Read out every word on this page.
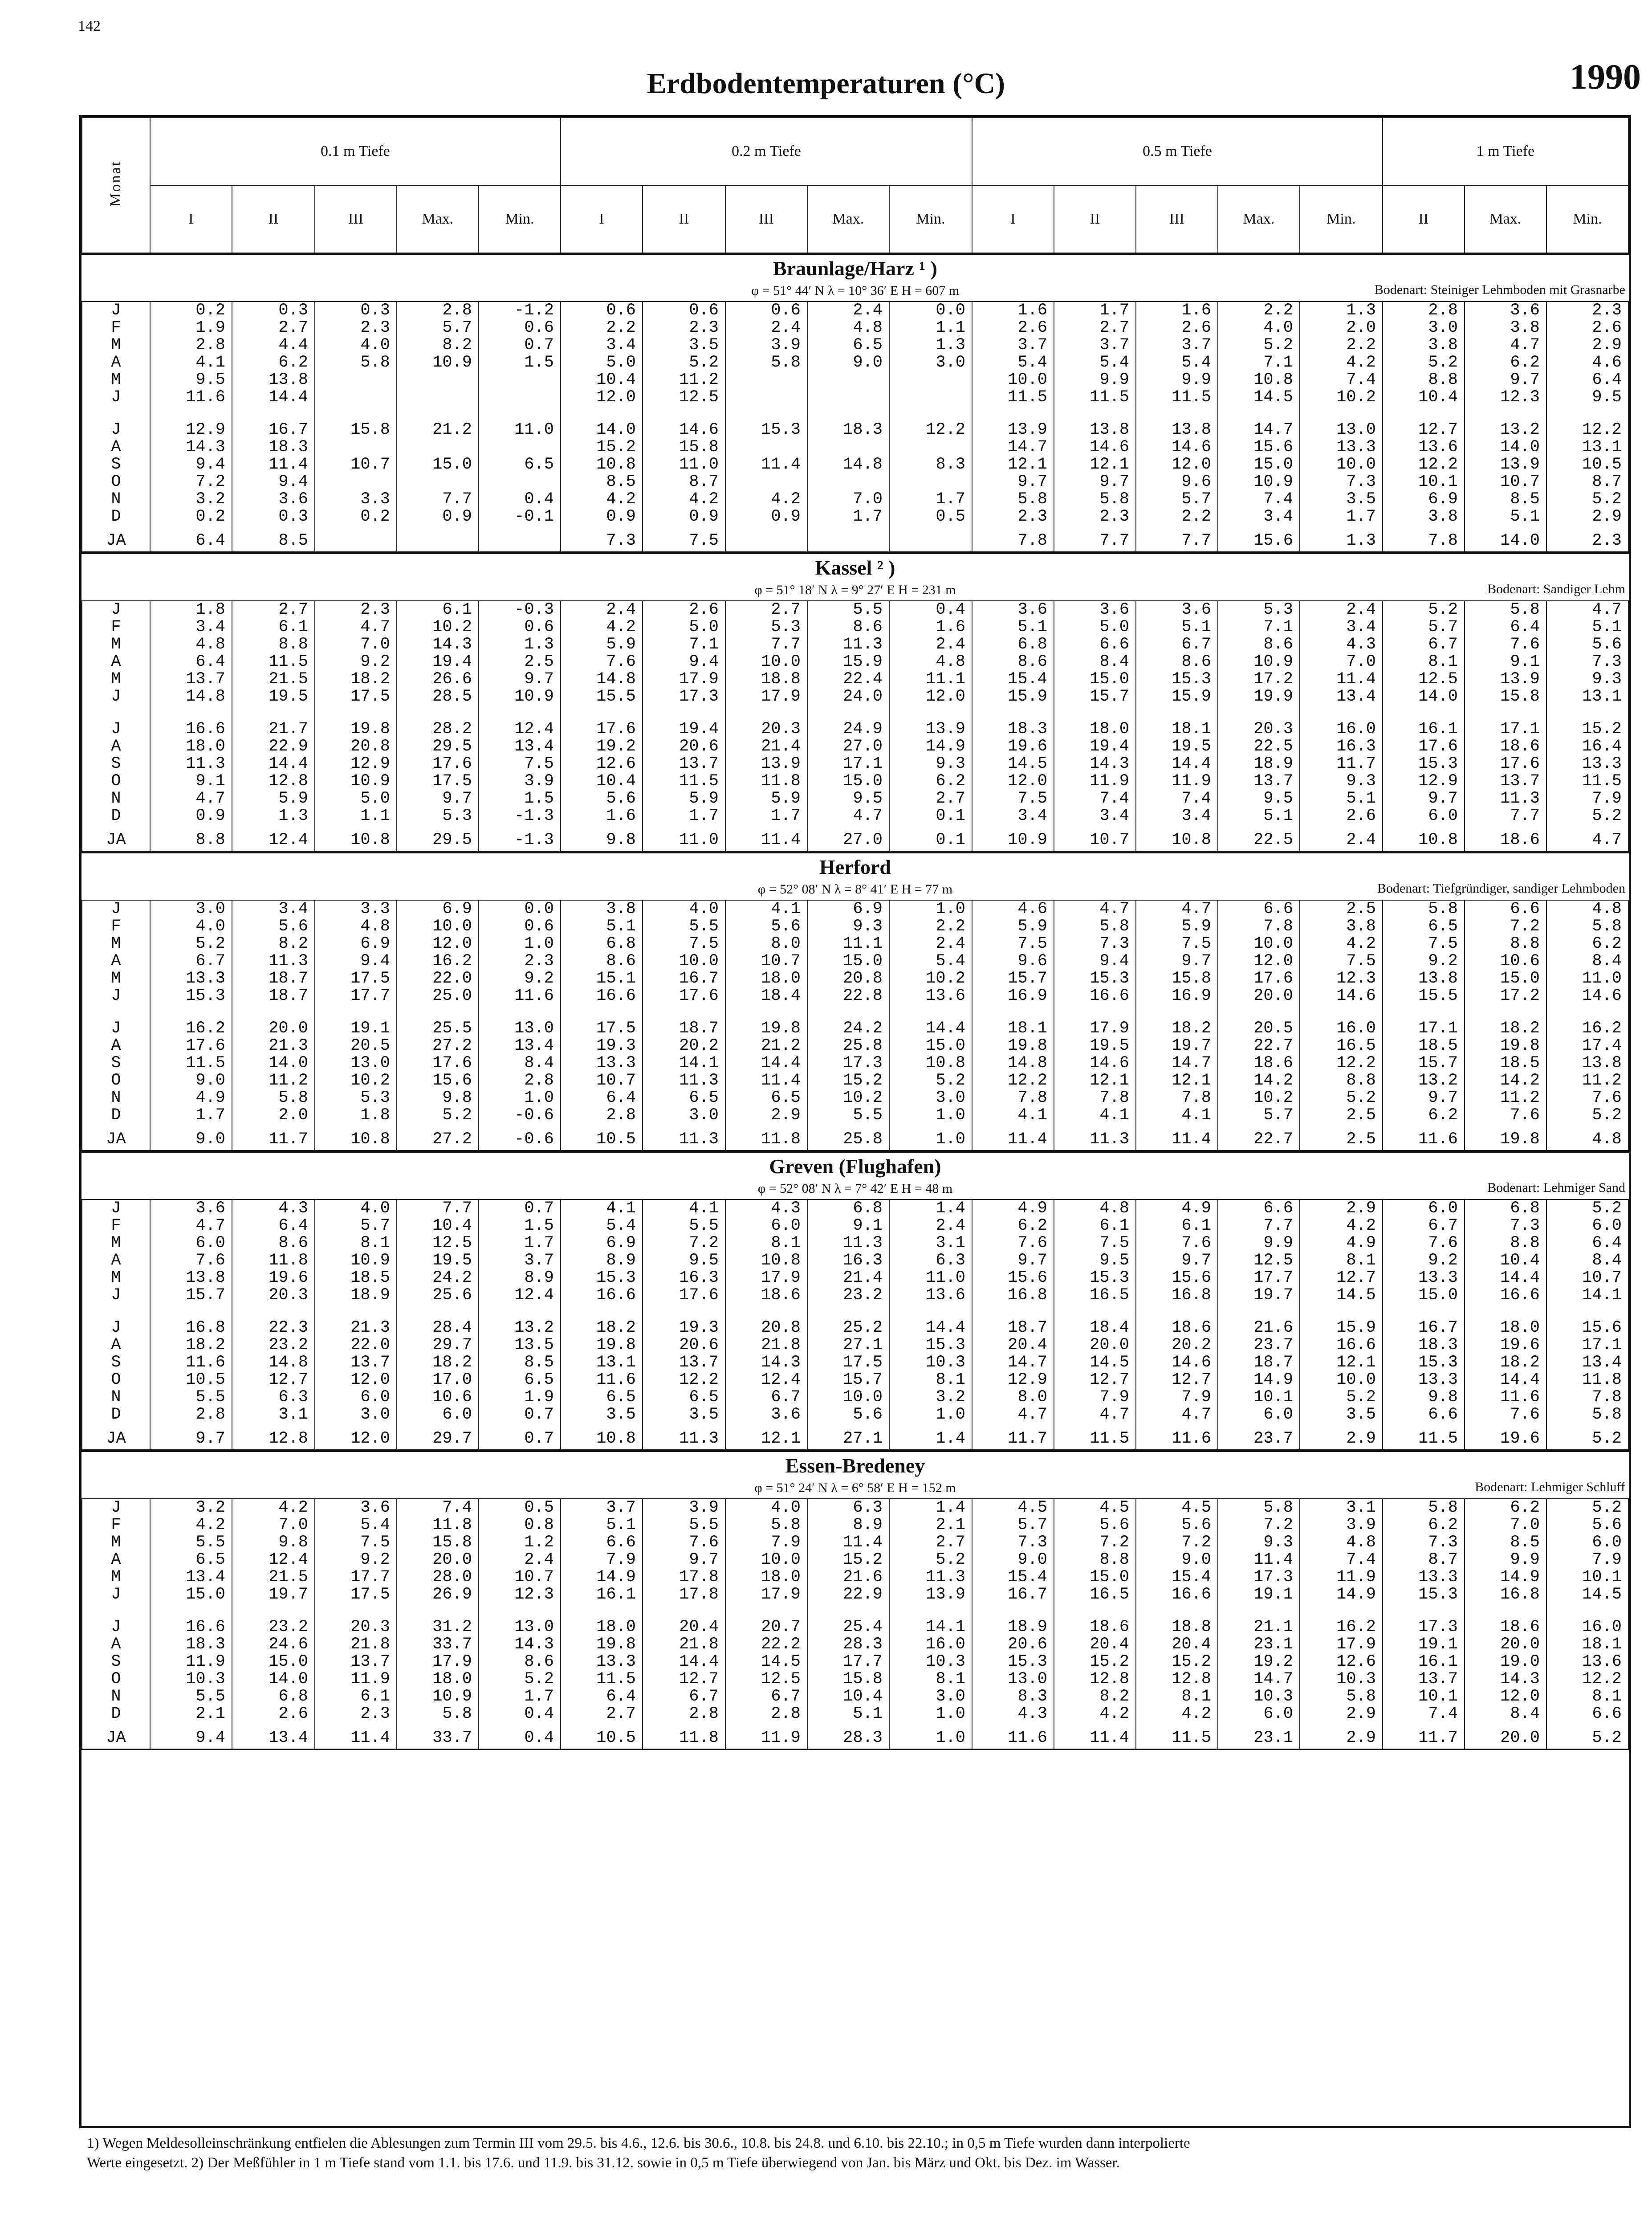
142
Erdbodentemperaturen (°C)	1990
Monat	0.1 m Tiefe					0.2 m Tiefe					0.5 m Tiefe					1 m Tiefe		
	I	II	III	Max.	Min.	I	II	III	Max.	Min.	I	II	III	Max.	Min.	II	Max.	Min.
Braunlage/Harz ¹ )
φ = 51° 44′ N λ = 10° 36′ E H = 607 m	Bodenart: Steiniger Lehmboden mit Grasnarbe
J	0.2	0.3	0.3	2.8	-1.2	0.6	0.6	0.6	2.4	0.0	1.6	1.7	1.6	2.2	1.3	2.8	3.6	2.3
F	1.9	2.7	2.3	5.7	0.6	2.2	2.3	2.4	4.8	1.1	2.6	2.7	2.6	4.0	2.0	3.0	3.8	2.6
M	2.8	4.4	4.0	8.2	0.7	3.4	3.5	3.9	6.5	1.3	3.7	3.7	3.7	5.2	2.2	3.8	4.7	2.9
A	4.1	6.2	5.8	10.9	1.5	5.0	5.2	5.8	9.0	3.0	5.4	5.4	5.4	7.1	4.2	5.2	6.2	4.6
M	9.5	13.8				10.4	11.2				10.0	9.9	9.9	10.8	7.4	8.8	9.7	6.4
J	11.6	14.4				12.0	12.5				11.5	11.5	11.5	14.5	10.2	10.4	12.3	9.5

J	12.9	16.7	15.8	21.2	11.0	14.0	14.6	15.3	18.3	12.2	13.9	13.8	13.8	14.7	13.0	12.7	13.2	12.2
A	14.3	18.3				15.2	15.8				14.7	14.6	14.6	15.6	13.3	13.6	14.0	13.1
S	9.4	11.4	10.7	15.0	6.5	10.8	11.0	11.4	14.8	8.3	12.1	12.1	12.0	15.0	10.0	12.2	13.9	10.5
O	7.2	9.4				8.5	8.7				9.7	9.7	9.6	10.9	7.3	10.1	10.7	8.7
N	3.2	3.6	3.3	7.7	0.4	4.2	4.2	4.2	7.0	1.7	5.8	5.8	5.7	7.4	3.5	6.9	8.5	5.2
D	0.2	0.3	0.2	0.9	-0.1	0.9	0.9	0.9	1.7	0.5	2.3	2.3	2.2	3.4	1.7	3.8	5.1	2.9
JA	6.4	8.5				7.3	7.5				7.8	7.7	7.7	15.6	1.3	7.8	14.0	2.3
Kassel ² )
φ = 51° 18′ N λ = 9° 27′ E H = 231 m	Bodenart: Sandiger Lehm
J	1.8	2.7	2.3	6.1	-0.3	2.4	2.6	2.7	5.5	0.4	3.6	3.6	3.6	5.3	2.4	5.2	5.8	4.7
F	3.4	6.1	4.7	10.2	0.6	4.2	5.0	5.3	8.6	1.6	5.1	5.0	5.1	7.1	3.4	5.7	6.4	5.1
M	4.8	8.8	7.0	14.3	1.3	5.9	7.1	7.7	11.3	2.4	6.8	6.6	6.7	8.6	4.3	6.7	7.6	5.6
A	6.4	11.5	9.2	19.4	2.5	7.6	9.4	10.0	15.9	4.8	8.6	8.4	8.6	10.9	7.0	8.1	9.1	7.3
M	13.7	21.5	18.2	26.6	9.7	14.8	17.9	18.8	22.4	11.1	15.4	15.0	15.3	17.2	11.4	12.5	13.9	9.3
J	14.8	19.5	17.5	28.5	10.9	15.5	17.3	17.9	24.0	12.0	15.9	15.7	15.9	19.9	13.4	14.0	15.8	13.1

J	16.6	21.7	19.8	28.2	12.4	17.6	19.4	20.3	24.9	13.9	18.3	18.0	18.1	20.3	16.0	16.1	17.1	15.2
A	18.0	22.9	20.8	29.5	13.4	19.2	20.6	21.4	27.0	14.9	19.6	19.4	19.5	22.5	16.3	17.6	18.6	16.4
S	11.3	14.4	12.9	17.6	7.5	12.6	13.7	13.9	17.1	9.3	14.5	14.3	14.4	18.9	11.7	15.3	17.6	13.3
O	9.1	12.8	10.9	17.5	3.9	10.4	11.5	11.8	15.0	6.2	12.0	11.9	11.9	13.7	9.3	12.9	13.7	11.5
N	4.7	5.9	5.0	9.7	1.5	5.6	5.9	5.9	9.5	2.7	7.5	7.4	7.4	9.5	5.1	9.7	11.3	7.9
D	0.9	1.3	1.1	5.3	-1.3	1.6	1.7	1.7	4.7	0.1	3.4	3.4	3.4	5.1	2.6	6.0	7.7	5.2
JA	8.8	12.4	10.8	29.5	-1.3	9.8	11.0	11.4	27.0	0.1	10.9	10.7	10.8	22.5	2.4	10.8	18.6	4.7
Herford
φ = 52° 08′ N λ = 8° 41′ E H = 77 m	Bodenart: Tiefgründiger, sandiger Lehmboden
J	3.0	3.4	3.3	6.9	0.0	3.8	4.0	4.1	6.9	1.0	4.6	4.7	4.7	6.6	2.5	5.8	6.6	4.8
F	4.0	5.6	4.8	10.0	0.6	5.1	5.5	5.6	9.3	2.2	5.9	5.8	5.9	7.8	3.8	6.5	7.2	5.8
M	5.2	8.2	6.9	12.0	1.0	6.8	7.5	8.0	11.1	2.4	7.5	7.3	7.5	10.0	4.2	7.5	8.8	6.2
A	6.7	11.3	9.4	16.2	2.3	8.6	10.0	10.7	15.0	5.4	9.6	9.4	9.7	12.0	7.5	9.2	10.6	8.4
M	13.3	18.7	17.5	22.0	9.2	15.1	16.7	18.0	20.8	10.2	15.7	15.3	15.8	17.6	12.3	13.8	15.0	11.0
J	15.3	18.7	17.7	25.0	11.6	16.6	17.6	18.4	22.8	13.6	16.9	16.6	16.9	20.0	14.6	15.5	17.2	14.6

J	16.2	20.0	19.1	25.5	13.0	17.5	18.7	19.8	24.2	14.4	18.1	17.9	18.2	20.5	16.0	17.1	18.2	16.2
A	17.6	21.3	20.5	27.2	13.4	19.3	20.2	21.2	25.8	15.0	19.8	19.5	19.7	22.7	16.5	18.5	19.8	17.4
S	11.5	14.0	13.0	17.6	8.4	13.3	14.1	14.4	17.3	10.8	14.8	14.6	14.7	18.6	12.2	15.7	18.5	13.8
O	9.0	11.2	10.2	15.6	2.8	10.7	11.3	11.4	15.2	5.2	12.2	12.1	12.1	14.2	8.8	13.2	14.2	11.2
N	4.9	5.8	5.3	9.8	1.0	6.4	6.5	6.5	10.2	3.0	7.8	7.8	7.8	10.2	5.2	9.7	11.2	7.6
D	1.7	2.0	1.8	5.2	-0.6	2.8	3.0	2.9	5.5	1.0	4.1	4.1	4.1	5.7	2.5	6.2	7.6	5.2
JA	9.0	11.7	10.8	27.2	-0.6	10.5	11.3	11.8	25.8	1.0	11.4	11.3	11.4	22.7	2.5	11.6	19.8	4.8
Greven (Flughafen)
φ = 52° 08′ N λ = 7° 42′ E H = 48 m	Bodenart: Lehmiger Sand
J	3.6	4.3	4.0	7.7	0.7	4.1	4.1	4.3	6.8	1.4	4.9	4.8	4.9	6.6	2.9	6.0	6.8	5.2
F	4.7	6.4	5.7	10.4	1.5	5.4	5.5	6.0	9.1	2.4	6.2	6.1	6.1	7.7	4.2	6.7	7.3	6.0
M	6.0	8.6	8.1	12.5	1.7	6.9	7.2	8.1	11.3	3.1	7.6	7.5	7.6	9.9	4.9	7.6	8.8	6.4
A	7.6	11.8	10.9	19.5	3.7	8.9	9.5	10.8	16.3	6.3	9.7	9.5	9.7	12.5	8.1	9.2	10.4	8.4
M	13.8	19.6	18.5	24.2	8.9	15.3	16.3	17.9	21.4	11.0	15.6	15.3	15.6	17.7	12.7	13.3	14.4	10.7
J	15.7	20.3	18.9	25.6	12.4	16.6	17.6	18.6	23.2	13.6	16.8	16.5	16.8	19.7	14.5	15.0	16.6	14.1

J	16.8	22.3	21.3	28.4	13.2	18.2	19.3	20.8	25.2	14.4	18.7	18.4	18.6	21.6	15.9	16.7	18.0	15.6
A	18.2	23.2	22.0	29.7	13.5	19.8	20.6	21.8	27.1	15.3	20.4	20.0	20.2	23.7	16.6	18.3	19.6	17.1
S	11.6	14.8	13.7	18.2	8.5	13.1	13.7	14.3	17.5	10.3	14.7	14.5	14.6	18.7	12.1	15.3	18.2	13.4
O	10.5	12.7	12.0	17.0	6.5	11.6	12.2	12.4	15.7	8.1	12.9	12.7	12.7	14.9	10.0	13.3	14.4	11.8
N	5.5	6.3	6.0	10.6	1.9	6.5	6.5	6.7	10.0	3.2	8.0	7.9	7.9	10.1	5.2	9.8	11.6	7.8
D	2.8	3.1	3.0	6.0	0.7	3.5	3.5	3.6	5.6	1.0	4.7	4.7	4.7	6.0	3.5	6.6	7.6	5.8
JA	9.7	12.8	12.0	29.7	0.7	10.8	11.3	12.1	27.1	1.4	11.7	11.5	11.6	23.7	2.9	11.5	19.6	5.2
Essen-Bredeney
φ = 51° 24′ N λ = 6° 58′ E H = 152 m	Bodenart: Lehmiger Schluff
J	3.2	4.2	3.6	7.4	0.5	3.7	3.9	4.0	6.3	1.4	4.5	4.5	4.5	5.8	3.1	5.8	6.2	5.2
F	4.2	7.0	5.4	11.8	0.8	5.1	5.5	5.8	8.9	2.1	5.7	5.6	5.6	7.2	3.9	6.2	7.0	5.6
M	5.5	9.8	7.5	15.8	1.2	6.6	7.6	7.9	11.4	2.7	7.3	7.2	7.2	9.3	4.8	7.3	8.5	6.0
A	6.5	12.4	9.2	20.0	2.4	7.9	9.7	10.0	15.2	5.2	9.0	8.8	9.0	11.4	7.4	8.7	9.9	7.9
M	13.4	21.5	17.7	28.0	10.7	14.9	17.8	18.0	21.6	11.3	15.4	15.0	15.4	17.3	11.9	13.3	14.9	10.1
J	15.0	19.7	17.5	26.9	12.3	16.1	17.8	17.9	22.9	13.9	16.7	16.5	16.6	19.1	14.9	15.3	16.8	14.5

J	16.6	23.2	20.3	31.2	13.0	18.0	20.4	20.7	25.4	14.1	18.9	18.6	18.8	21.1	16.2	17.3	18.6	16.0
A	18.3	24.6	21.8	33.7	14.3	19.8	21.8	22.2	28.3	16.0	20.6	20.4	20.4	23.1	17.9	19.1	20.0	18.1
S	11.9	15.0	13.7	17.9	8.6	13.3	14.4	14.5	17.7	10.3	15.3	15.2	15.2	19.2	12.6	16.1	19.0	13.6
O	10.3	14.0	11.9	18.0	5.2	11.5	12.7	12.5	15.8	8.1	13.0	12.8	12.8	14.7	10.3	13.7	14.3	12.2
N	5.5	6.8	6.1	10.9	1.7	6.4	6.7	6.7	10.4	3.0	8.3	8.2	8.1	10.3	5.8	10.1	12.0	8.1
D	2.1	2.6	2.3	5.8	0.4	2.7	2.8	2.8	5.1	1.0	4.3	4.2	4.2	6.0	2.9	7.4	8.4	6.6
JA	9.4	13.4	11.4	33.7	0.4	10.5	11.8	11.9	28.3	1.0	11.6	11.4	11.5	23.1	2.9	11.7	20.0	5.2
1) Wegen Meldesolleinschränkung entfielen die Ablesungen zum Termin III vom 29.5. bis 4.6., 12.6. bis 30.6., 10.8. bis 24.8. und 6.10. bis 22.10.; in 0,5 m Tiefe wurden dann interpolierte
Werte eingesetzt. 2) Der Meßfühler in 1 m Tiefe stand vom 1.1. bis 17.6. und 11.9. bis 31.12. sowie in 0,5 m Tiefe überwiegend von Jan. bis März und Okt. bis Dez. im Wasser.
